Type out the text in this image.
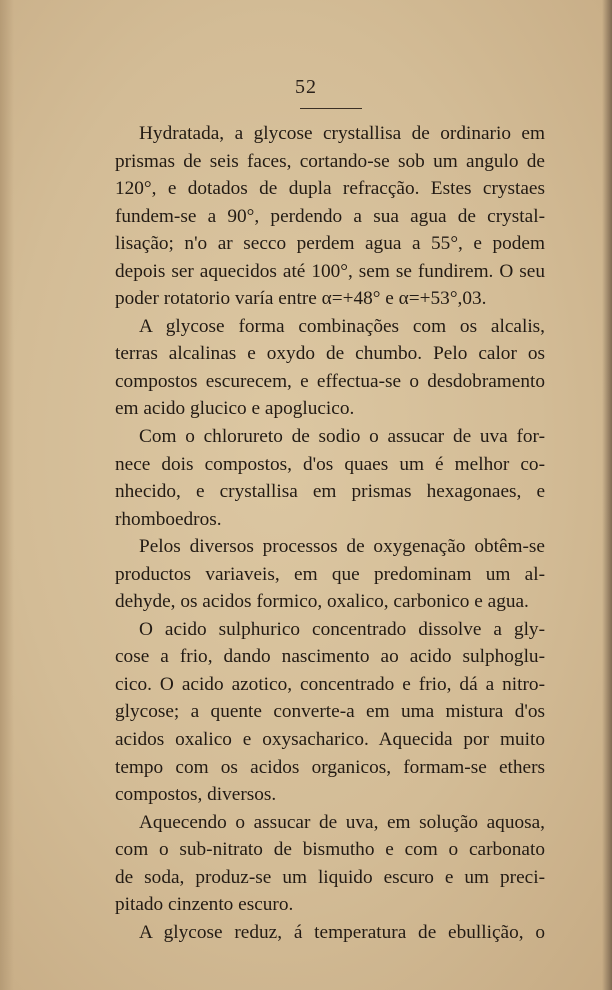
52
Hydratada, a glycose crystallisa de ordinario em
prismas de seis faces, cortando-se sob um angulo de
120°, e dotados de dupla refracção. Estes crystaes
fundem-se a 90°, perdendo a sua agua de crystal-
lisação; n'o ar secco perdem agua a 55°, e podem
depois ser aquecidos até 100°, sem se fundirem. O seu
poder rotatorio varía entre α=+48° e α=+53°,03.
A glycose forma combinações com os alcalis,
terras alcalinas e oxydo de chumbo. Pelo calor os
compostos escurecem, e effectua-se o desdobramento
em acido glucico e apoglucico.
Com o chlorureto de sodio o assucar de uva for-
nece dois compostos, d'os quaes um é melhor co-
nhecido, e crystallisa em prismas hexagonaes, e
rhomboedros.
Pelos diversos processos de oxygenação obtêm-se
productos variaveis, em que predominam um al-
dehyde, os acidos formico, oxalico, carbonico e agua.
O acido sulphurico concentrado dissolve a gly-
cose a frio, dando nascimento ao acido sulphoglu-
cico. O acido azotico, concentrado e frio, dá a nitro-
glycose; a quente converte-a em uma mistura d'os
acidos oxalico e oxysacharico. Aquecida por muito
tempo com os acidos organicos, formam-se ethers
compostos, diversos.
Aquecendo o assucar de uva, em solução aquosa,
com o sub-nitrato de bismutho e com o carbonato
de soda, produz-se um liquido escuro e um preci-
pitado cinzento escuro.
A glycose reduz, á temperatura de ebullição, o
